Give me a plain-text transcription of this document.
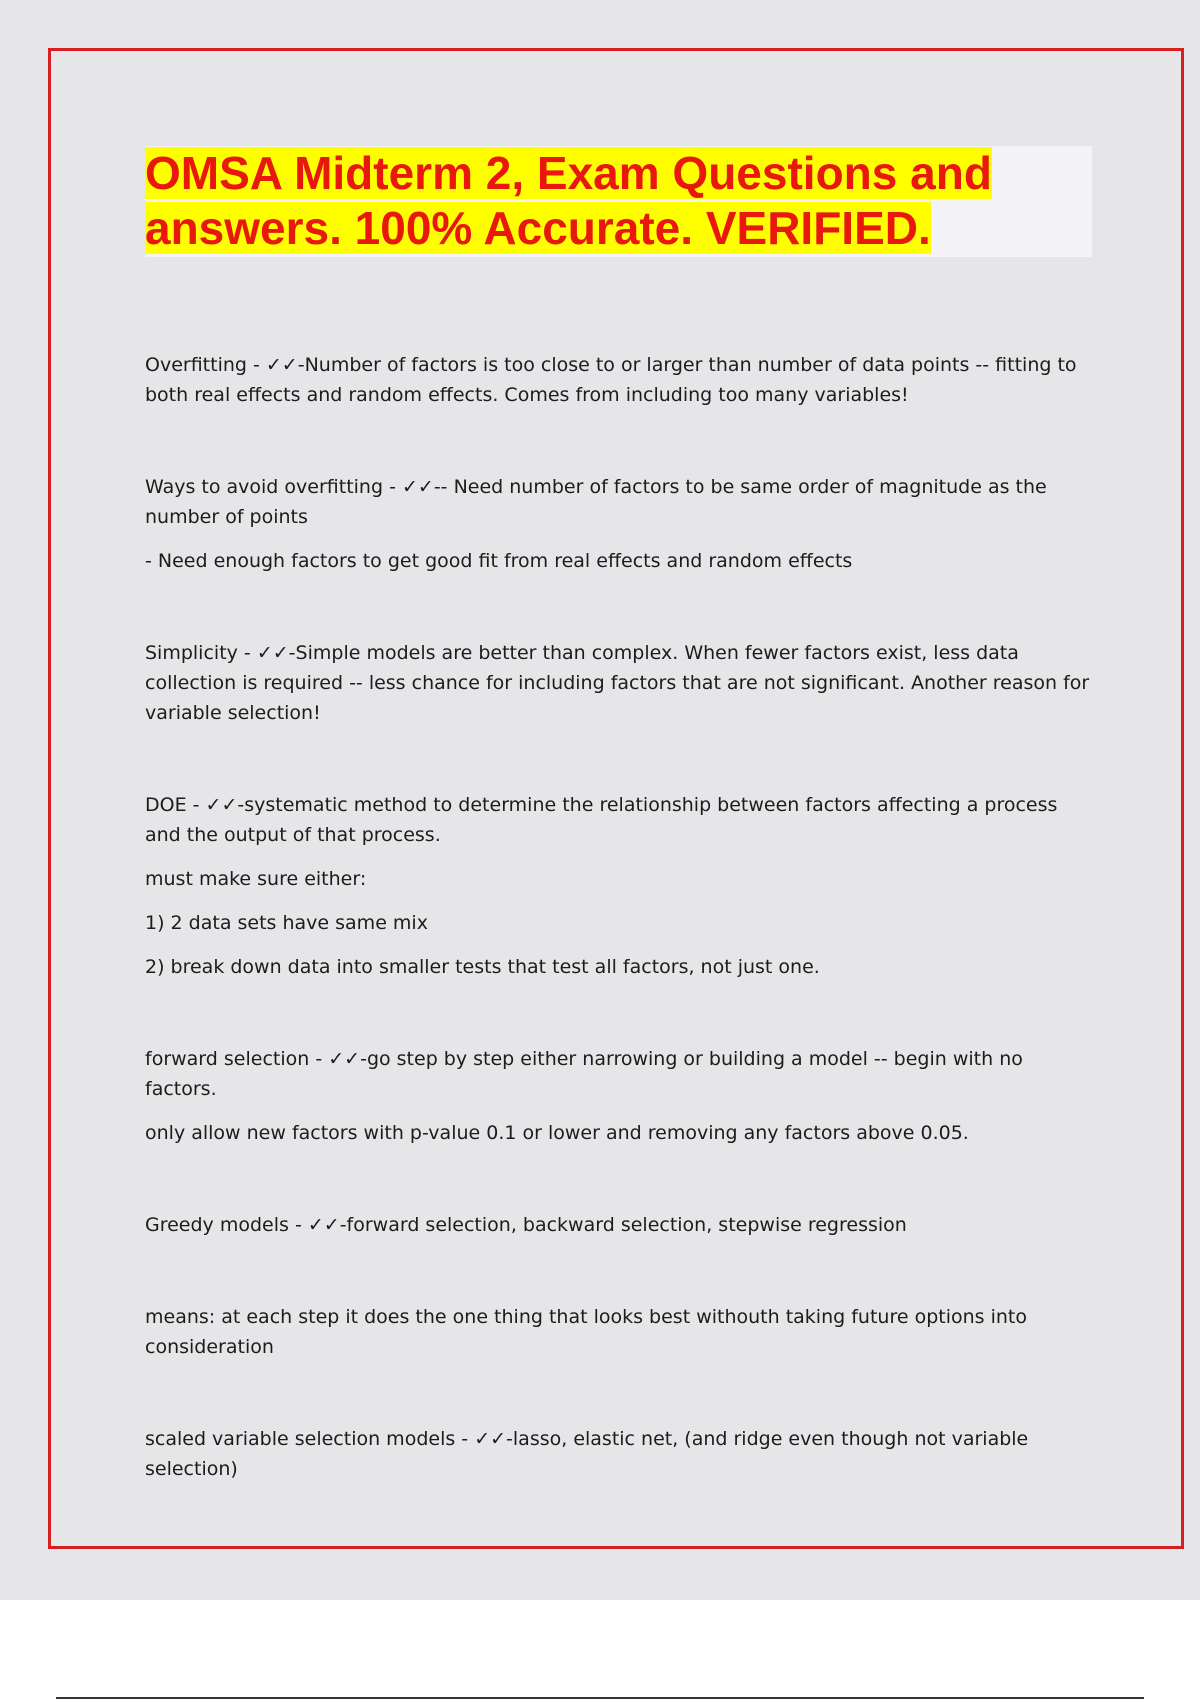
OMSA Midterm 2, Exam Questions and
answers. 100% Accurate. VERIFIED.
Overfitting - ✓✓-Number of factors is too close to or larger than number of data points -- fitting to both real effects and random effects. Comes from including too many variables!
Ways to avoid overfitting - ✓✓-- Need number of factors to be same order of magnitude as the number of points
- Need enough factors to get good fit from real effects and random effects
Simplicity - ✓✓-Simple models are better than complex. When fewer factors exist, less data collection is required -- less chance for including factors that are not significant. Another reason for variable selection!
DOE - ✓✓-systematic method to determine the relationship between factors affecting a process and the output of that process.
must make sure either:
1) 2 data sets have same mix
2) break down data into smaller tests that test all factors, not just one.
forward selection - ✓✓-go step by step either narrowing or building a model -- begin with no factors.
only allow new factors with p-value 0.1 or lower and removing any factors above 0.05.
Greedy models - ✓✓-forward selection, backward selection, stepwise regression
means: at each step it does the one thing that looks best withouth taking future options into consideration
scaled variable selection models - ✓✓-lasso, elastic net, (and ridge even though not variable selection)
